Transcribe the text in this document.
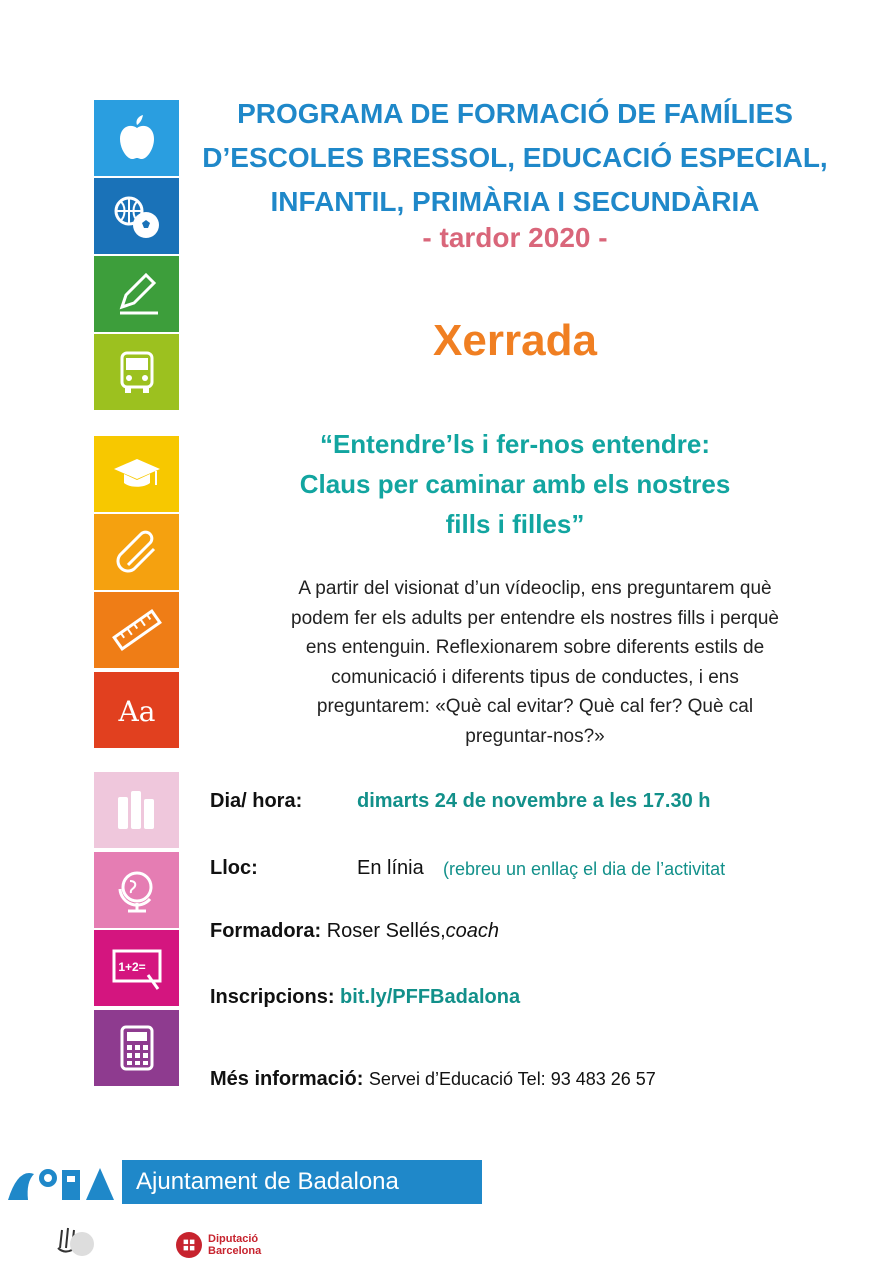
Aa
1+2=
PROGRAMA DE FORMACIÓ DE FAMÍLIES
D’ESCOLES BRESSOL, EDUCACIÓ ESPECIAL,
INFANTIL, PRIMÀRIA I SECUNDÀRIA
- tardor 2020 -
Xerrada
“Entendre’ls i fer-nos entendre:
Claus per caminar amb els nostres
fills i filles”
A partir del visionat d’un vídeoclip, ens preguntarem què
podem fer els adults per entendre els nostres fills i perquè
ens entenguin. Reflexionarem sobre diferents estils de
comunicació i diferents tipus de conductes, i ens
preguntarem: «Què cal evitar? Què cal fer? Què cal
preguntar-nos?»
Dia/ hora:	dimarts 24 de novembre a les 17.30 h
Lloc:	En línia (rebreu un enllaç el dia de l’activitat
Formadora: Roser Sellés,coach
Inscripcions: bit.ly/PFFBadalona
Més informació: Servei d’Educació Tel: 93 483 26 57
Ajuntament de Badalona
Diputació
Barcelona
